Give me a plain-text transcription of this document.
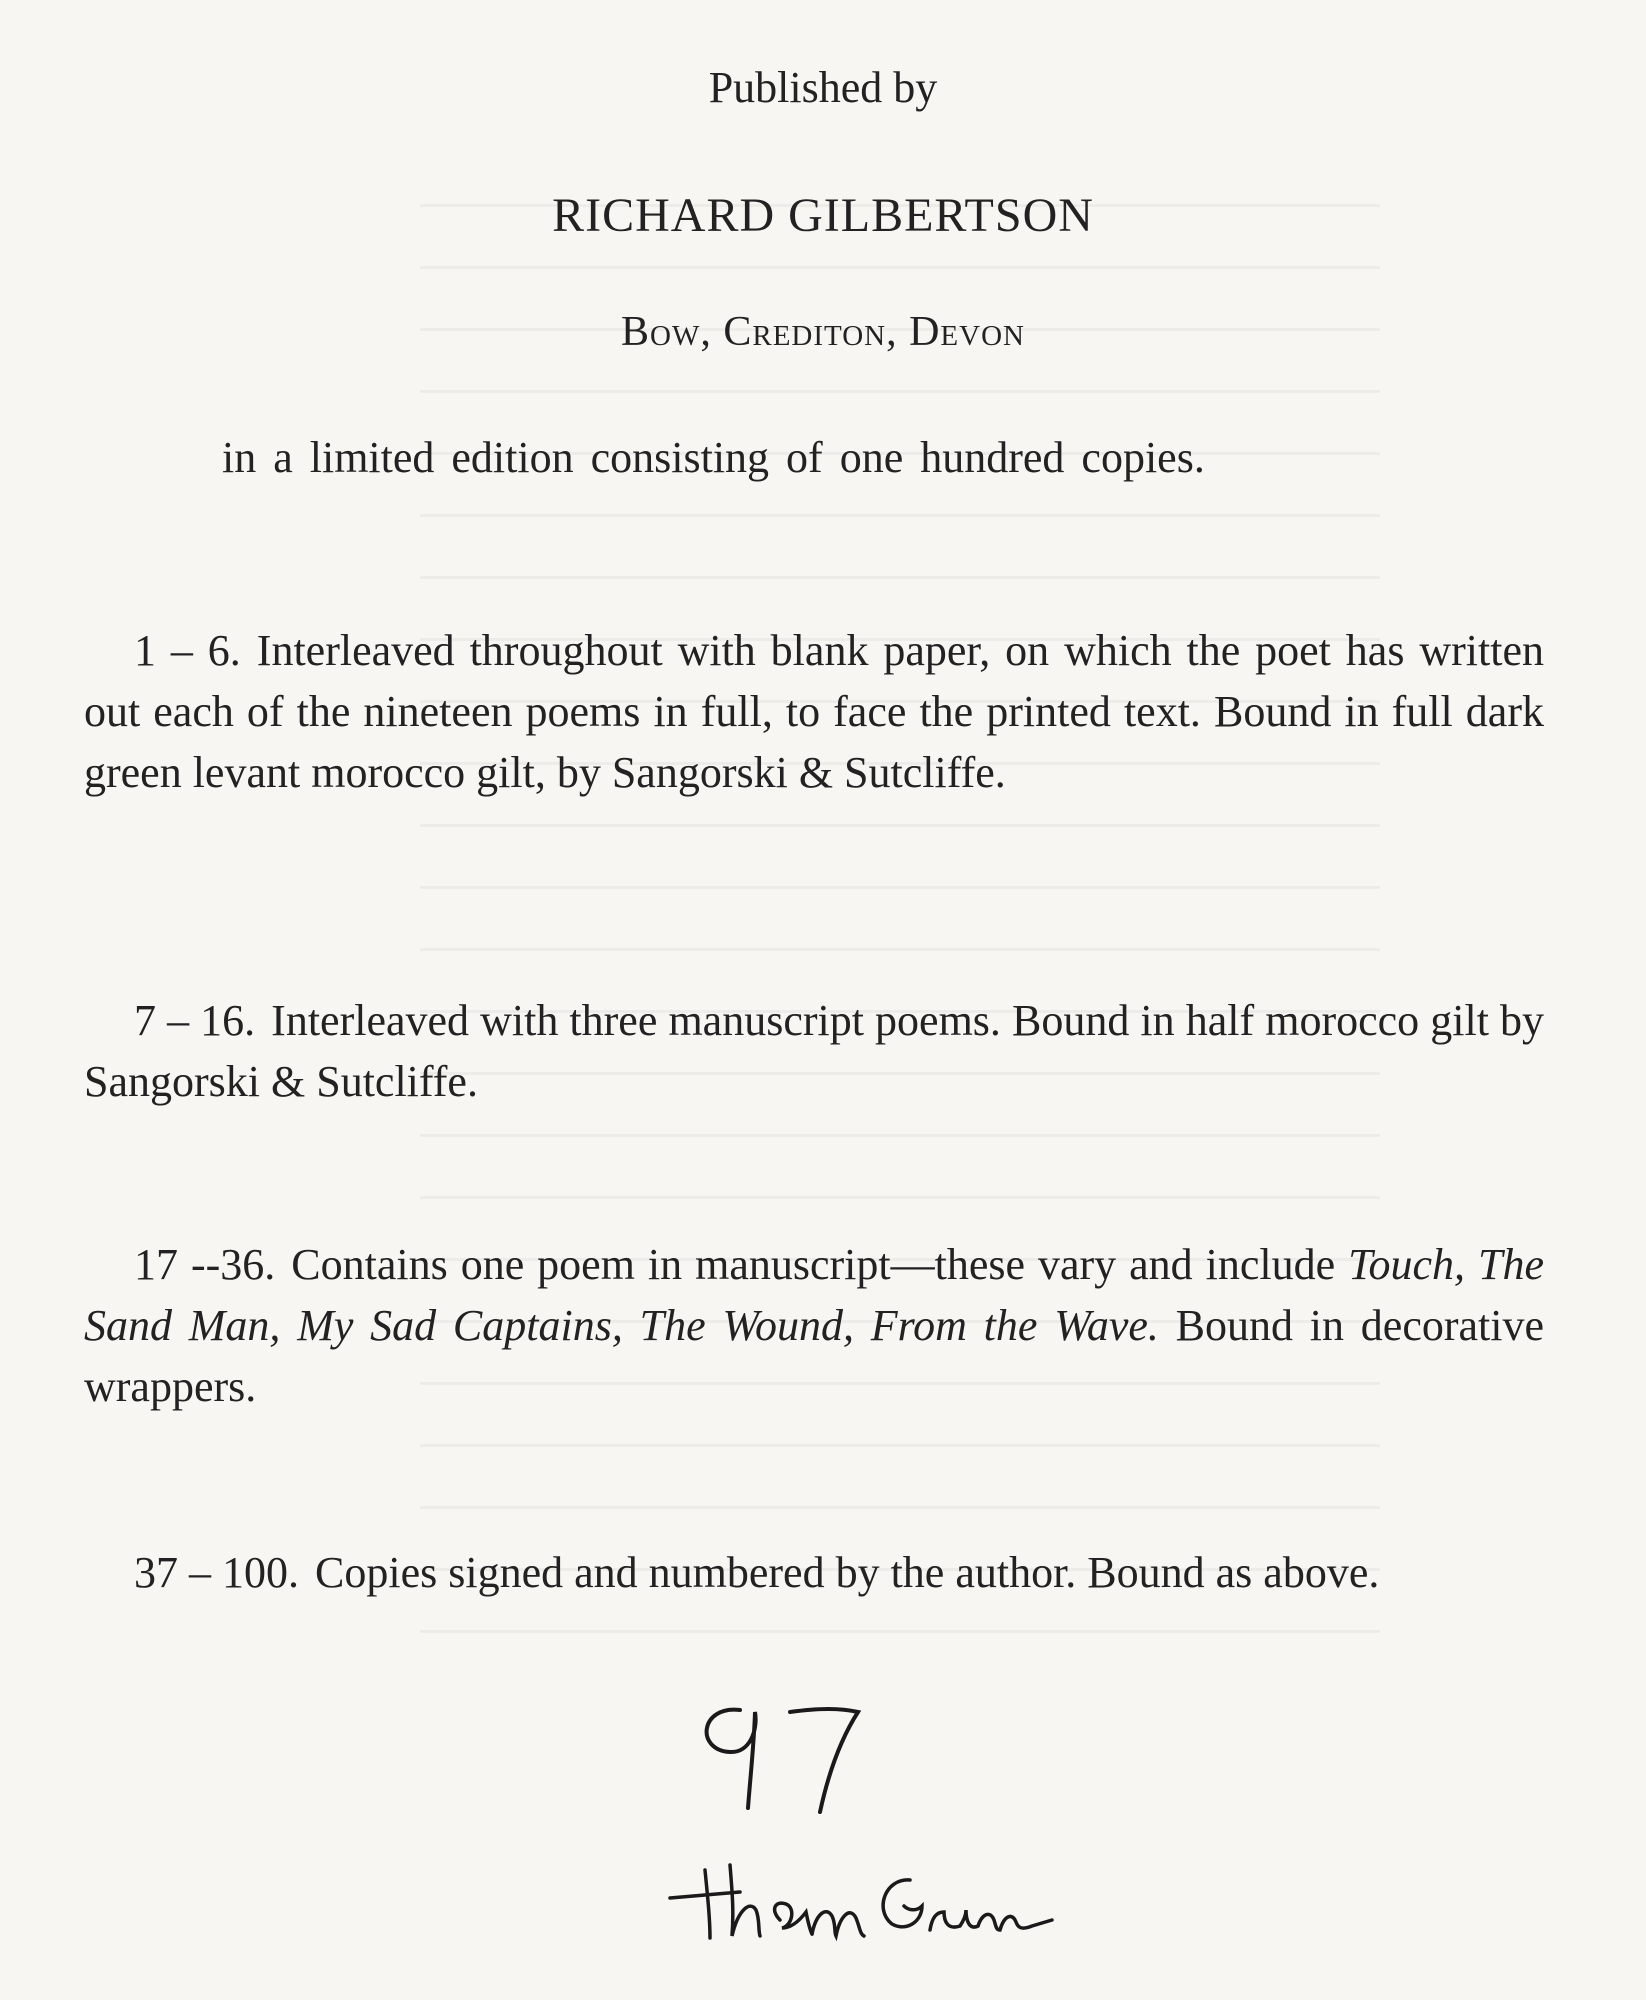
Published by
RICHARD GILBERTSON
Bow, Crediton, Devon
in a limited edition consisting of one hundred copies.
1 – 6. Interleaved throughout with blank paper, on which the poet has written out each of the nineteen poems in full, to face the printed text. Bound in full dark green levant morocco gilt, by Sangorski & Sutcliffe.
7 – 16. Interleaved with three manuscript poems. Bound in half morocco gilt by Sangorski & Sutcliffe.
17 --36. Contains one poem in manuscript—these vary and include Touch, The Sand Man, My Sad Captains, The Wound, From the Wave. Bound in decorative wrappers.
37 – 100. Copies signed and numbered by the author. Bound as above.
